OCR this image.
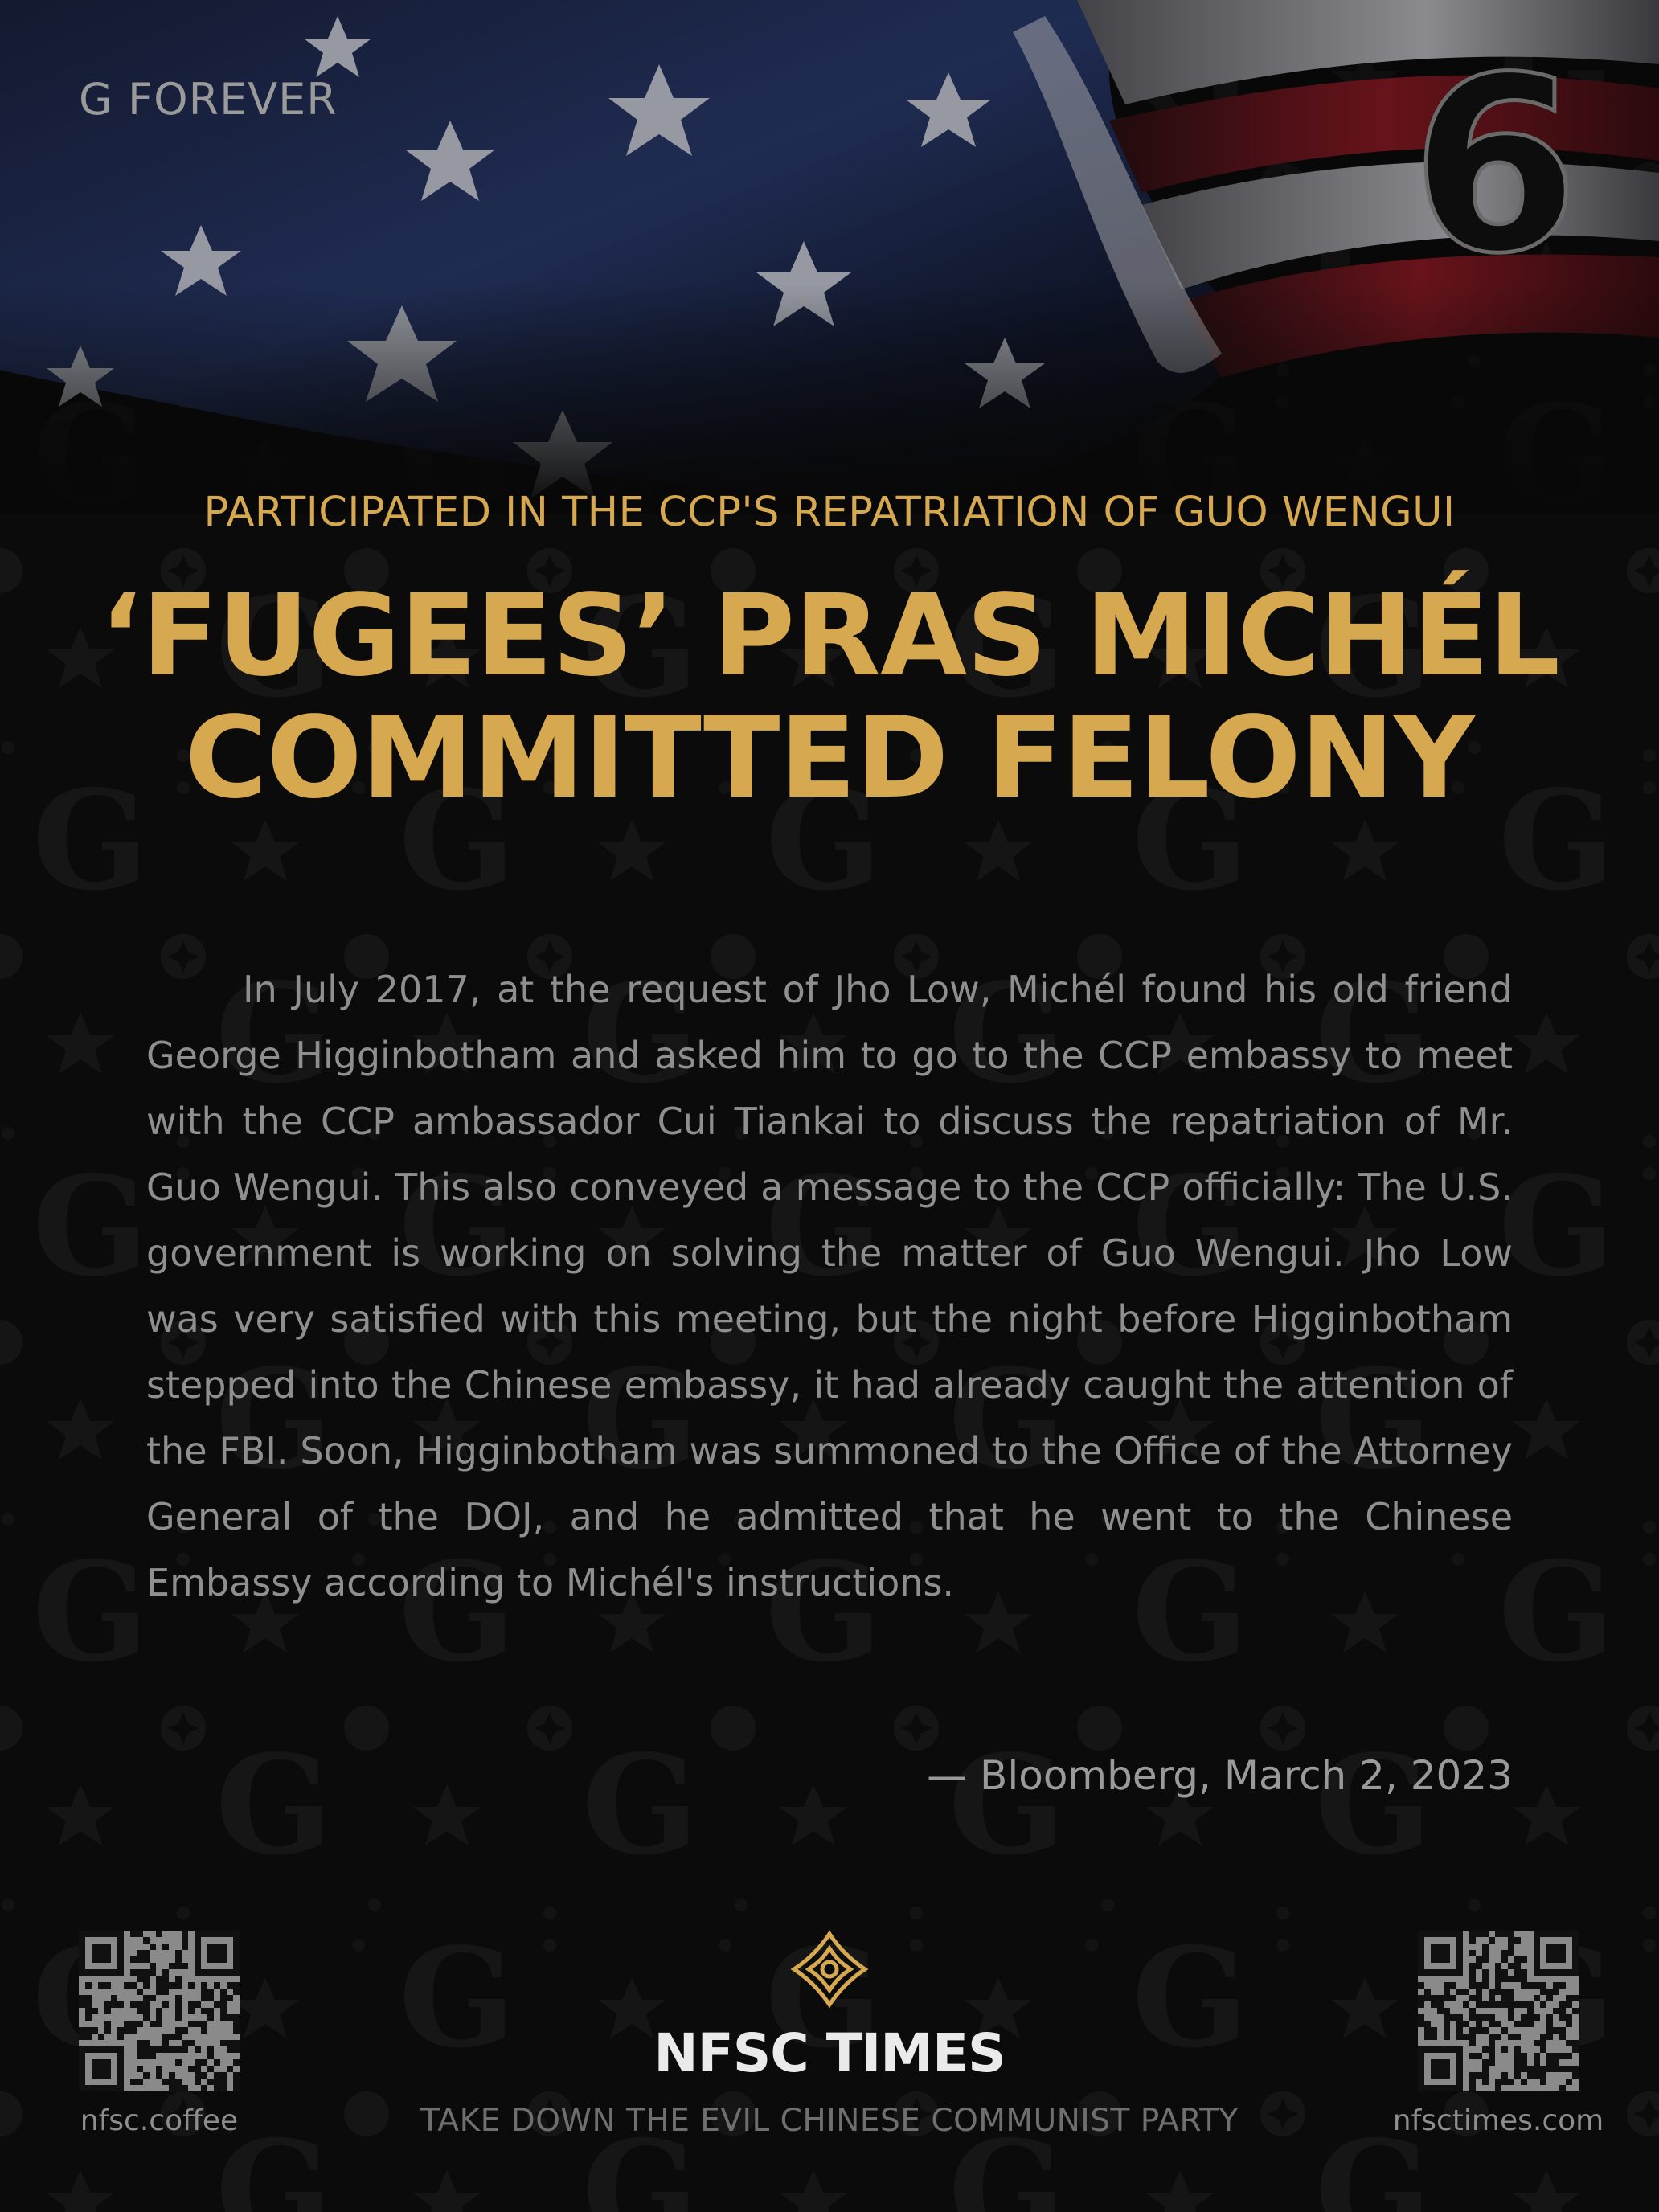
G FOREVER	6
PARTICIPATED IN THE CCP'S REPATRIATION OF GUO WENGUI
‘FUGEES’ PRAS MICHÉL
COMMITTED FELONY
In July 2017, at the request of Jho Low, Michél found his old friend George Higginbotham and asked him to go to the CCP embassy to meet with the CCP ambassador Cui Tiankai to discuss the repatriation of Mr. Guo Wengui. This also conveyed a message to the CCP officially: The U.S. government is working on solving the matter of Guo Wengui. Jho Low was very satisfied with this meeting, but the night before Higginbotham stepped into the Chinese embassy, it had already caught the attention of the FBI. Soon, Higginbotham was summoned to the Office of the Attorney General of the DOJ, and he admitted that he went to the Chinese Embassy according to Michél's instructions.
— Bloomberg, March 2, 2023
nfsc.coffee	nfsctimes.com
NFSC TIMES
TAKE DOWN THE EVIL CHINESE COMMUNIST PARTY
